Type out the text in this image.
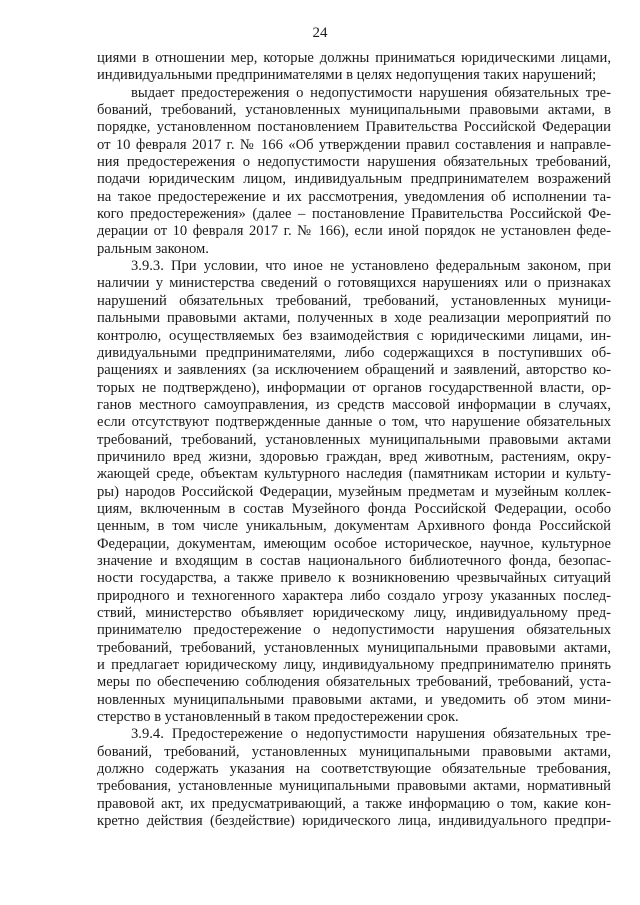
24
циями в отношении мер, которые должны приниматься юридическими лицами,
индивидуальными предпринимателями в целях недопущения таких нарушений;
выдает предостережения о недопустимости нарушения обязательных тре-
бований, требований, установленных муниципальными правовыми актами, в
порядке, установленном постановлением Правительства Российской Федерации
от 10 февраля 2017 г. № 166 «Об утверждении правил составления и направле-
ния предостережения о недопустимости нарушения обязательных требований,
подачи юридическим лицом, индивидуальным предпринимателем возражений
на такое предостережение и их рассмотрения, уведомления об исполнении та-
кого предостережения» (далее – постановление Правительства Российской Фе-
дерации от 10 февраля 2017 г. № 166), если иной порядок не установлен феде-
ральным законом.
3.9.3. При условии, что иное не установлено федеральным законом, при
наличии у министерства сведений о готовящихся нарушениях или о признаках
нарушений обязательных требований, требований, установленных муници-
пальными правовыми актами, полученных в ходе реализации мероприятий по
контролю, осуществляемых без взаимодействия с юридическими лицами, ин-
дивидуальными предпринимателями, либо содержащихся в поступивших об-
ращениях и заявлениях (за исключением обращений и заявлений, авторство ко-
торых не подтверждено), информации от органов государственной власти, ор-
ганов местного самоуправления, из средств массовой информации в случаях,
если отсутствуют подтвержденные данные о том, что нарушение обязательных
требований, требований, установленных муниципальными правовыми актами
причинило вред жизни, здоровью граждан, вред животным, растениям, окру-
жающей среде, объектам культурного наследия (памятникам истории и культу-
ры) народов Российской Федерации, музейным предметам и музейным коллек-
циям, включенным в состав Музейного фонда Российской Федерации, особо
ценным, в том числе уникальным, документам Архивного фонда Российской
Федерации, документам, имеющим особое историческое, научное, культурное
значение и входящим в состав национального библиотечного фонда, безопас-
ности государства, а также привело к возникновению чрезвычайных ситуаций
природного и техногенного характера либо создало угрозу указанных послед-
ствий, министерство объявляет юридическому лицу, индивидуальному пред-
принимателю предостережение о недопустимости нарушения обязательных
требований, требований, установленных муниципальными правовыми актами,
и предлагает юридическому лицу, индивидуальному предпринимателю принять
меры по обеспечению соблюдения обязательных требований, требований, уста-
новленных муниципальными правовыми актами, и уведомить об этом мини-
стерство в установленный в таком предостережении срок.
3.9.4. Предостережение о недопустимости нарушения обязательных тре-
бований, требований, установленных муниципальными правовыми актами,
должно содержать указания на соответствующие обязательные требования,
требования, установленные муниципальными правовыми актами, нормативный
правовой акт, их предусматривающий, а также информацию о том, какие кон-
кретно действия (бездействие) юридического лица, индивидуального предпри-
